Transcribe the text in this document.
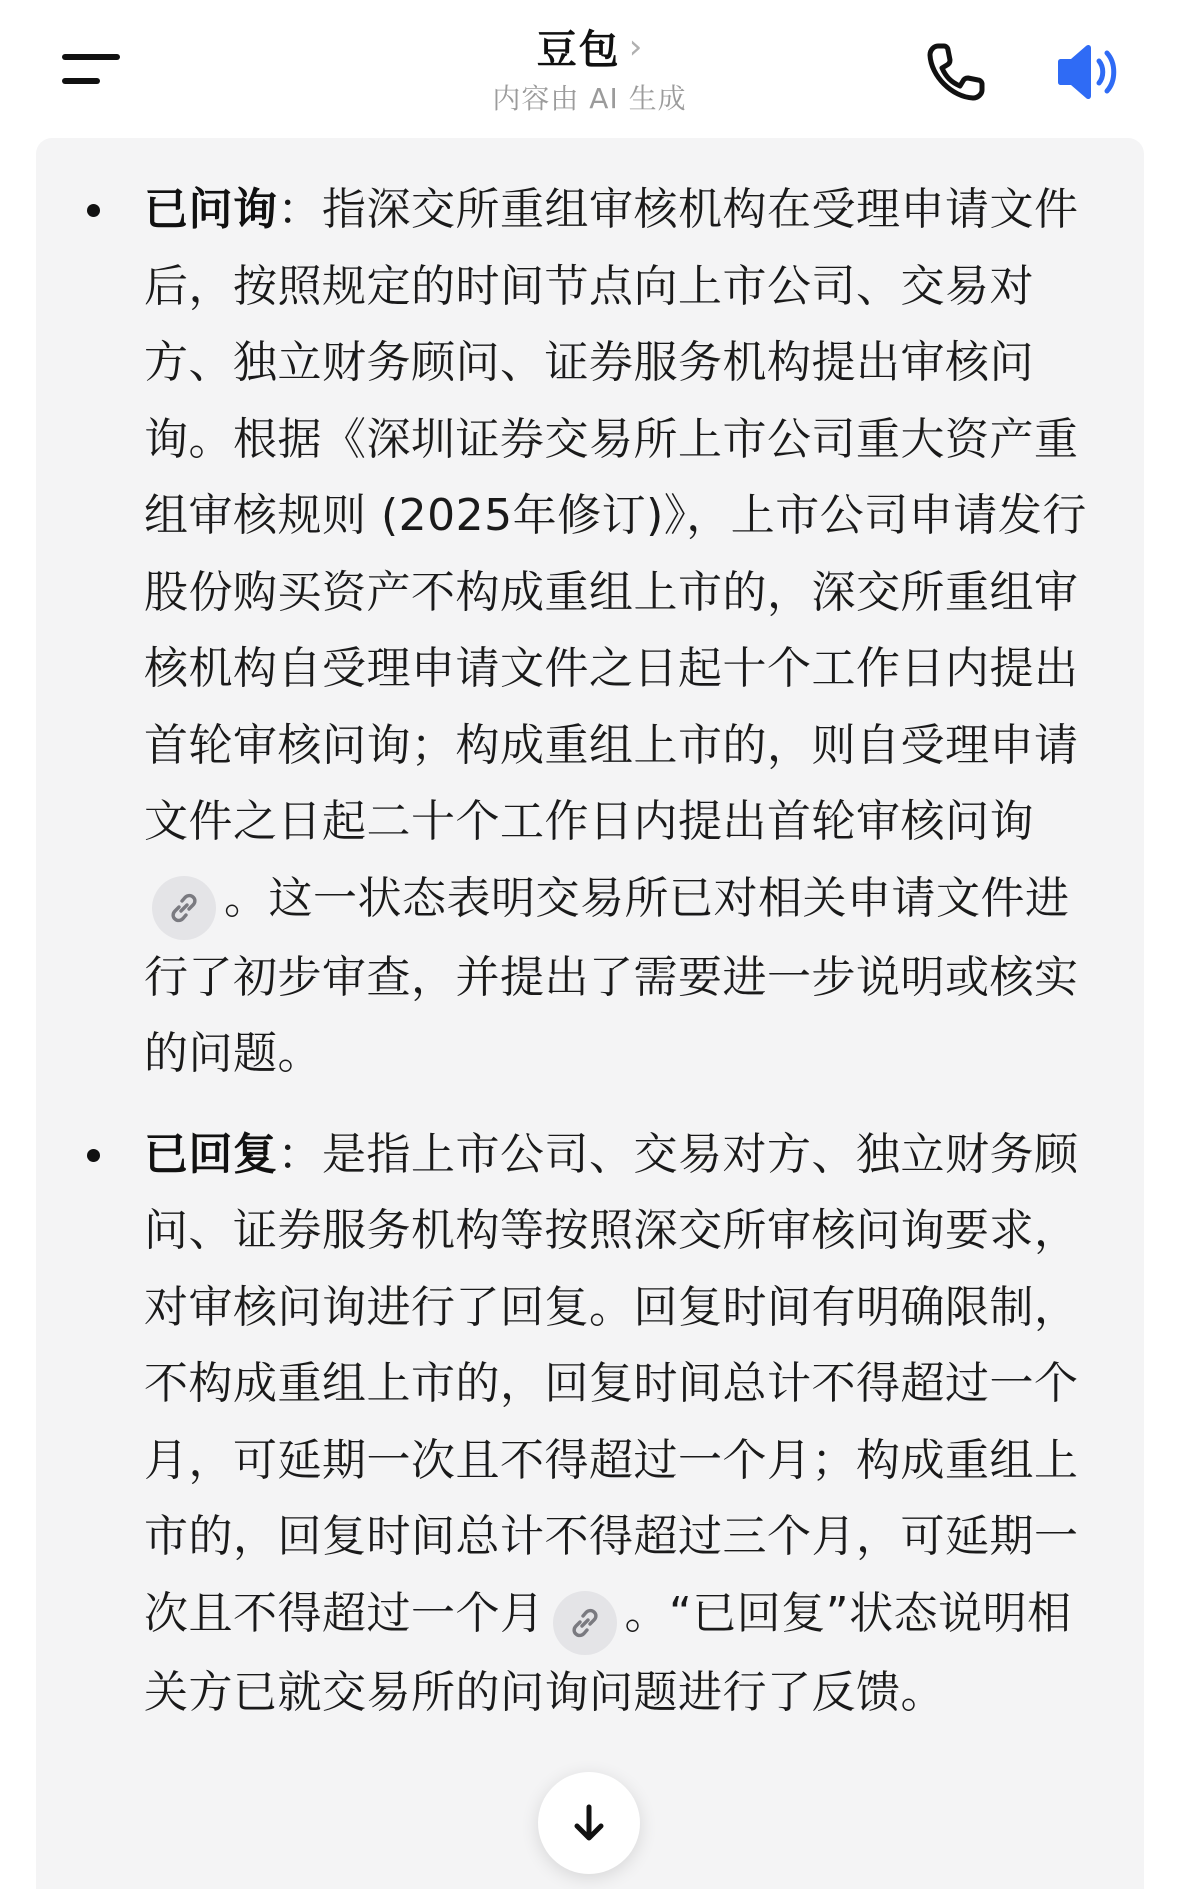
豆包 ›
内容由 AI 生成
已问询：指深交所重组审核机构在受理申请文件后，按照规定的时间节点向上市公司、交易对方、独立财务顾问、证券服务机构提出审核问询。根据《深圳证券交易所上市公司重大资产重组审核规则 (2025年修订)》，上市公司申请发行股份购买资产不构成重组上市的，深交所重组审核机构自受理申请文件之日起十个工作日内提出首轮审核问询；构成重组上市的，则自受理申请文件之日起二十个工作日内提出首轮审核问询
。这一状态表明交易所已对相关申请文件进行了初步审查，并提出了需要进一步说明或核实的问题。
已回复：是指上市公司、交易对方、独立财务顾问、证券服务机构等按照深交所审核问询要求，对审核问询进行了回复。回复时间有明确限制，不构成重组上市的，回复时间总计不得超过一个月，可延期一次且不得超过一个月；构成重组上市的，回复时间总计不得超过三个月，可延期一次且不得超过一个月 。“已回复”状态说明相关方已就交易所的问询问题进行了反馈。
